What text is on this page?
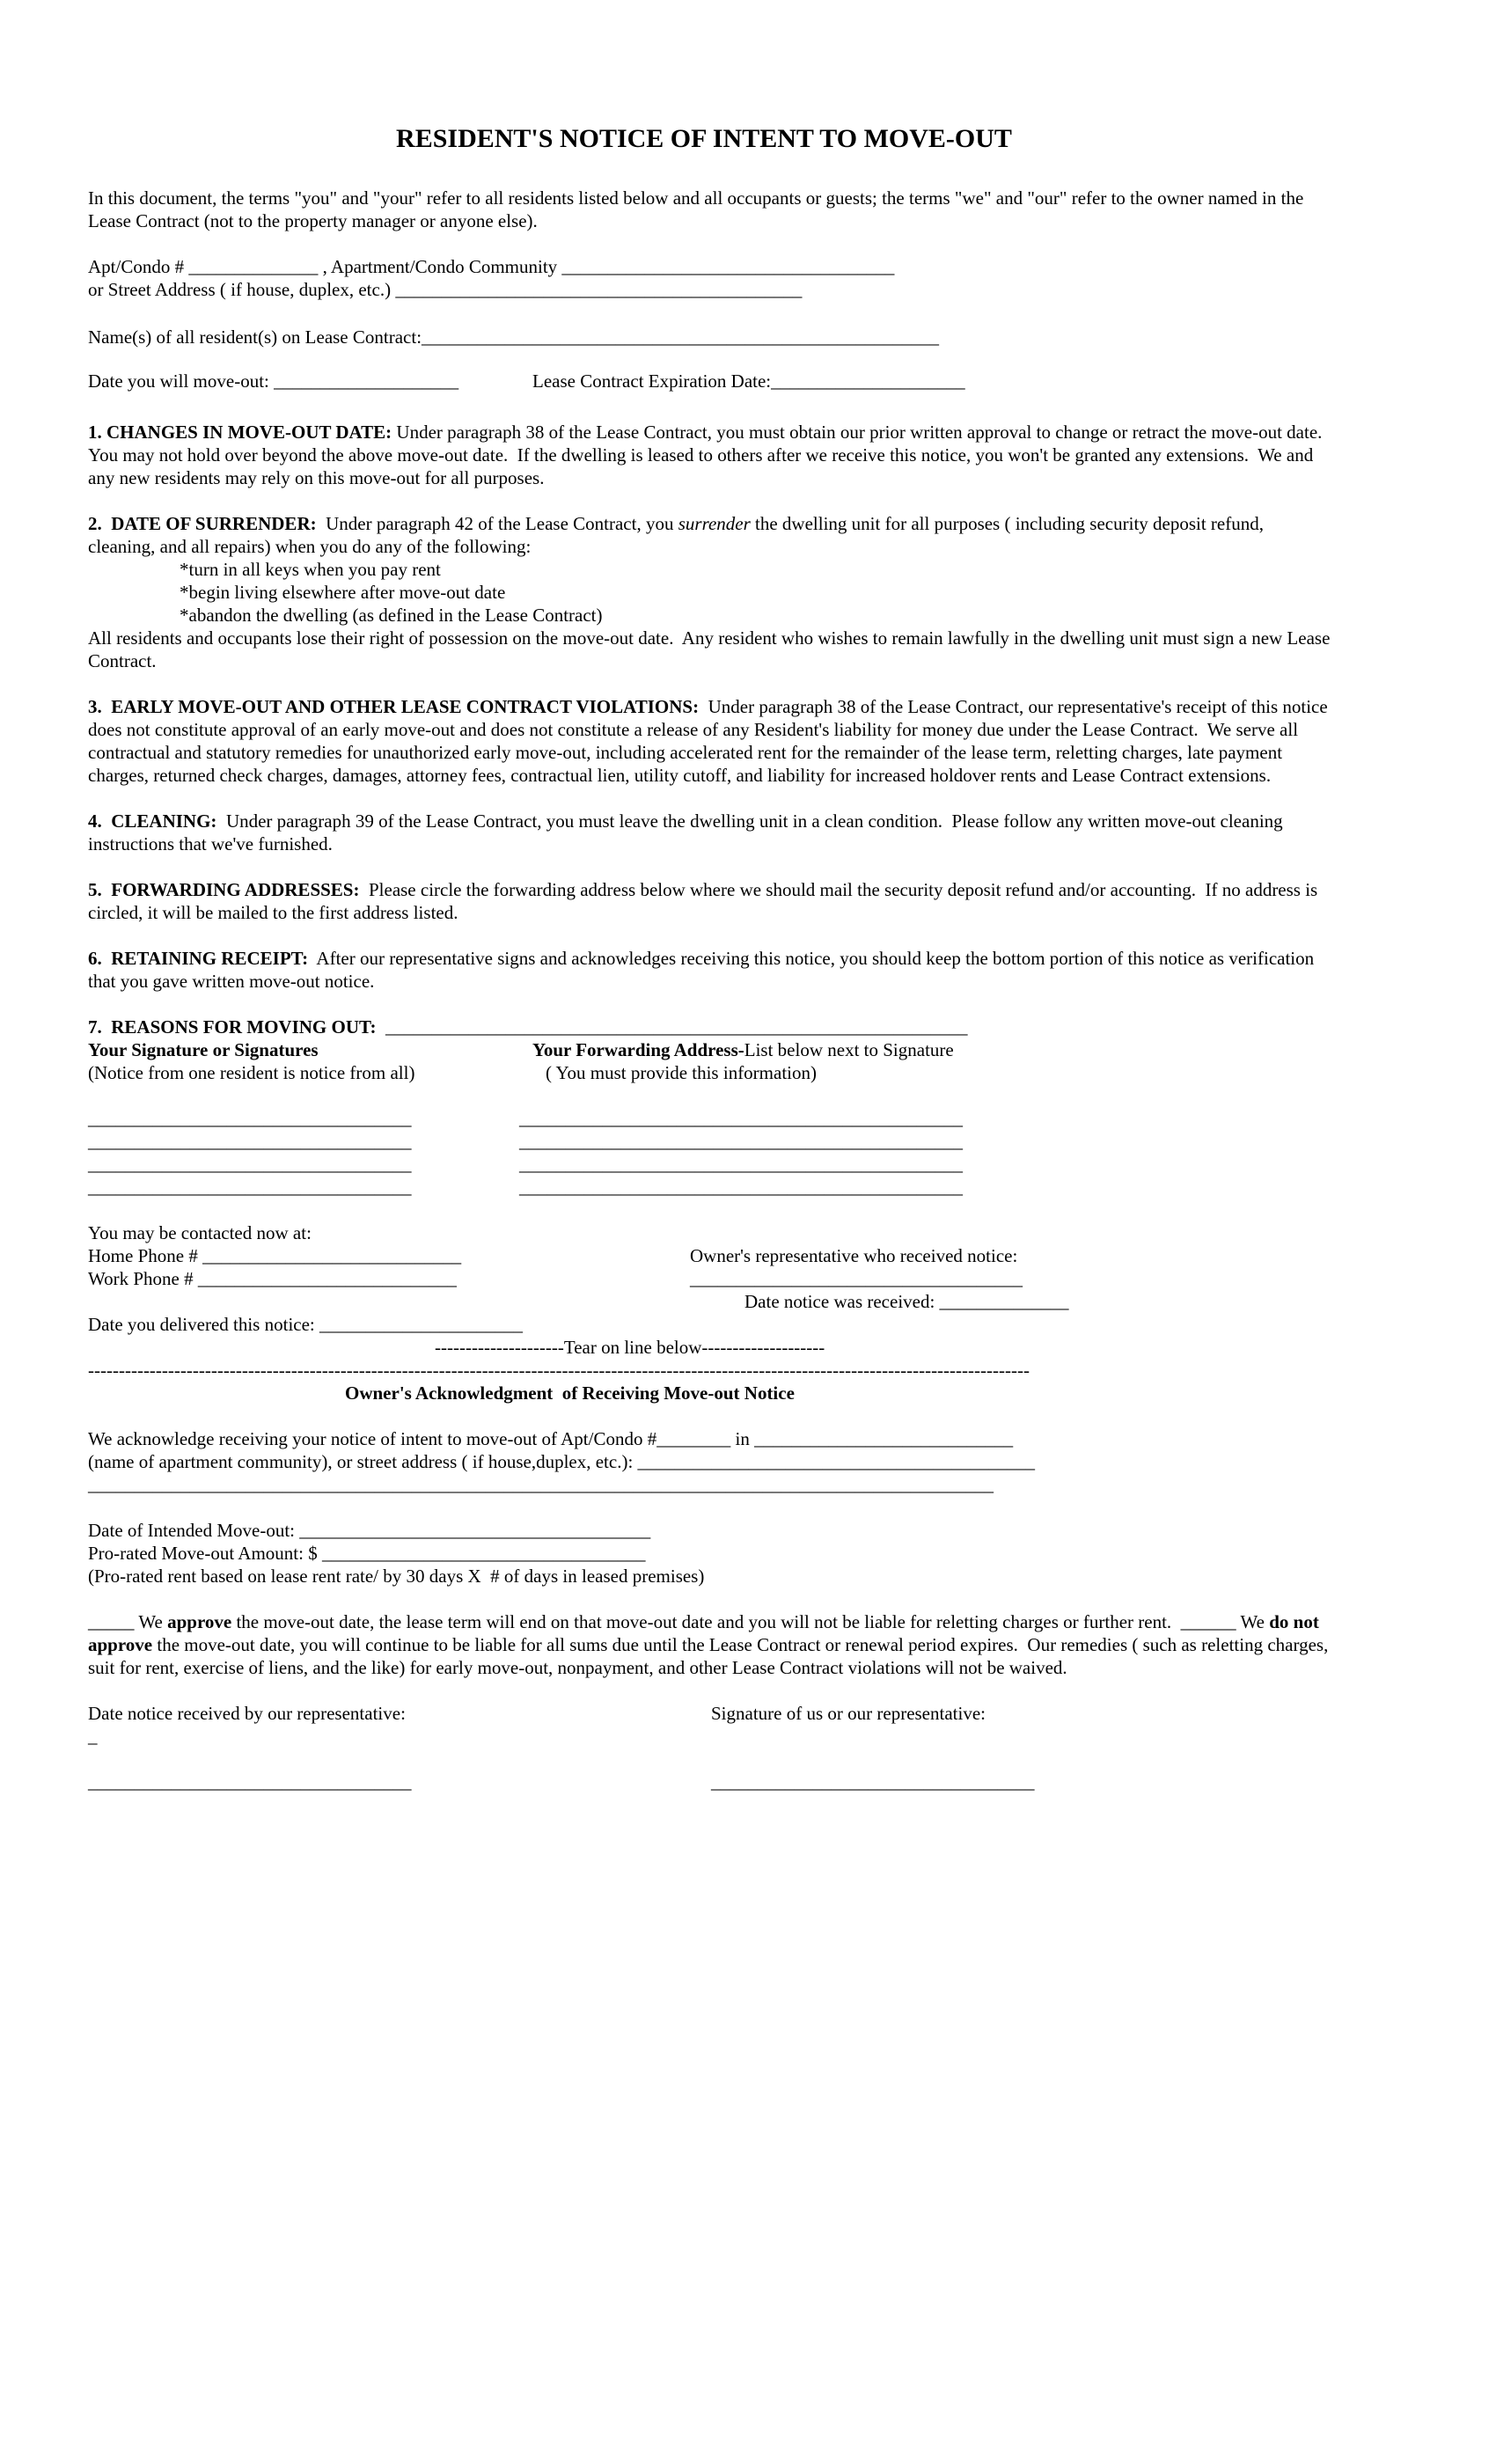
RESIDENT'S NOTICE OF INTENT TO MOVE-OUT
In this document, the terms "you" and "your" refer to all residents listed below and all occupants or guests; the terms "we" and "our" refer to the owner named in the
Lease Contract (not to the property manager or anyone else).
Apt/Condo # ______________ , Apartment/Condo Community ____________________________________
or Street Address ( if house, duplex, etc.) ____________________________________________
Name(s) of all resident(s) on Lease Contract:________________________________________________________
Date you will move-out: ____________________	Lease Contract Expiration Date:_____________________
1. CHANGES IN MOVE-OUT DATE: Under paragraph 38 of the Lease Contract, you must obtain our prior written approval to change or retract the move-out date.
You may not hold over beyond the above move-out date.  If the dwelling is leased to others after we receive this notice, you won't be granted any extensions.  We and
any new residents may rely on this move-out for all purposes.
2.  DATE OF SURRENDER:  Under paragraph 42 of the Lease Contract, you surrender the dwelling unit for all purposes ( including security deposit refund,
cleaning, and all repairs) when you do any of the following:
*turn in all keys when you pay rent
*begin living elsewhere after move-out date
*abandon the dwelling (as defined in the Lease Contract)
All residents and occupants lose their right of possession on the move-out date.  Any resident who wishes to remain lawfully in the dwelling unit must sign a new Lease
Contract.
3.  EARLY MOVE-OUT AND OTHER LEASE CONTRACT VIOLATIONS:  Under paragraph 38 of the Lease Contract, our representative's receipt of this notice
does not constitute approval of an early move-out and does not constitute a release of any Resident's liability for money due under the Lease Contract.  We serve all
contractual and statutory remedies for unauthorized early move-out, including accelerated rent for the remainder of the lease term, reletting charges, late payment
charges, returned check charges, damages, attorney fees, contractual lien, utility cutoff, and liability for increased holdover rents and Lease Contract extensions.
4.  CLEANING:  Under paragraph 39 of the Lease Contract, you must leave the dwelling unit in a clean condition.  Please follow any written move-out cleaning
instructions that we've furnished.
5.  FORWARDING ADDRESSES:  Please circle the forwarding address below where we should mail the security deposit refund and/or accounting.  If no address is
circled, it will be mailed to the first address listed.
6.  RETAINING RECEIPT:  After our representative signs and acknowledges receiving this notice, you should keep the bottom portion of this notice as verification
that you gave written move-out notice.
7.  REASONS FOR MOVING OUT:  _______________________________________________________________
Your Signature or Signatures
(Notice from one resident is notice from all)
Your Forwarding Address-List below next to Signature
( You must provide this information)
___________________________________
___________________________________
___________________________________
___________________________________
________________________________________________
________________________________________________
________________________________________________
________________________________________________
You may be contacted now at:
Home Phone # ____________________________
Work Phone # ____________________________
Date you delivered this notice: ______________________
Owner's representative who received notice:
____________________________________
Date notice was received: ______________
---------------------Tear on line below--------------------
---------------------------------------------------------------------------------------------------------------------------------------------------------
Owner's Acknowledgment  of Receiving Move-out Notice
We acknowledge receiving your notice of intent to move-out of Apt/Condo #________ in ____________________________
(name of apartment community), or street address ( if house,duplex, etc.): ___________________________________________
__________________________________________________________________________________________________
Date of Intended Move-out: ______________________________________
Pro-rated Move-out Amount: $ ___________________________________
(Pro-rated rent based on lease rent rate/ by 30 days X  # of days in leased premises)
_____ We approve the move-out date, the lease term will end on that move-out date and you will not be liable for reletting charges or further rent.  ______ We do not
approve the move-out date, you will continue to be liable for all sums due until the Lease Contract or renewal period expires.  Our remedies ( such as reletting charges,
suit for rent, exercise of liens, and the like) for early move-out, nonpayment, and other Lease Contract violations will not be waived.
Date notice received by our representative:
_
Signature of us or our representative:
___________________________________	___________________________________
